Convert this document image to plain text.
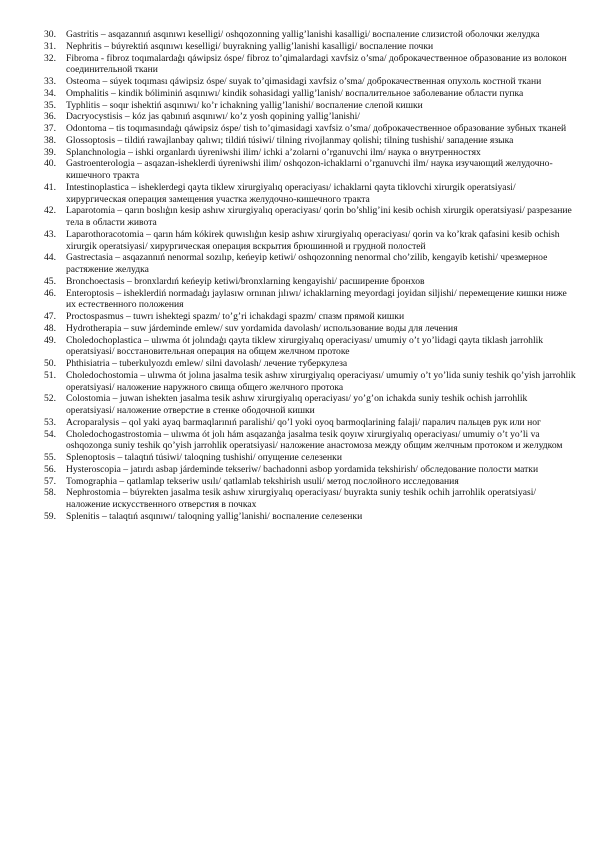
30. Gastritis – asqazannıń asqınıwı keselligi/ oshqozonning yallig’lanishi kasalligi/ воспаление слизистой оболочки желудка
31. Nephritis – búyrektiń asqınıwı keselligi/ buyrakning yallig’lanishi kasalligi/ воспаление почки
32. Fibroma - fibroz toqımalardaģı qáwipsiz óspe/ fibroz to’qimalardagi xavfsiz o’sma/ доброкачественное образование из волокон соединительной ткани
33. Osteoma – súyek toqıması qáwipsiz óspe/ suyak to’qimasidagi xavfsiz o’sma/ доброкачественная опухоль костной ткани
34. Omphalitis – kindik bóliminiń asqınıwı/ kindik sohasidagi yallig’lanish/ воспалительное заболевание области пупка
35. Typhlitis – soqır ishektiń asqınıwı/ ko’r ichakning yallig’lanishi/ воспаление слепой кишки
36. Dacryocystisis – kóz jas qabınıń asqınıwı/ ko’z yosh qopining yallig’lanishi/
37. Odontoma – tis toqımasındaģı qáwipsiz óspe/ tish to’qimasidagi xavfsiz o’sma/ доброкачественное образование зубных тканей
38. Glossoptosis – tildiń rawajlanbay qalıwı; tildiń túsiwi/ tilning rivojlanmay qolishi; tilning tushishi/ западение языка
39. Splanchnologia – ishki organlardı úyreniwshi ilim/ ichki a’zolarni o’rganuvchi ilm/ наука о внутренностях
40. Gastroenterologia – asqazan-isheklerdi úyreniwshi ilim/ oshqozon-ichaklarni o’rganuvchi ilm/ наука изучающий желудочно-кишечного тракта
41. Intestinoplastica – isheklerdegi qayta tiklew xirurgiyalıq operaciyası/ ichaklarni qayta tiklovchi xirurgik operatsiyasi/ хирургическая операция замещения участка желудочно-кишечного тракта
42. Laparotomia – qarın boslıģın kesip ashıw xirurgiyalıq operaciyası/ qorin bo’shlig’ini kesib ochish xirurgik operatsiyasi/ разрезание тела в области живота
43. Laparothoracotomia – qarın hám kókirek quwıslıģın kesip ashıw xirurgiyalıq operaciyası/ qorin va ko’krak qafasini kesib ochish xirurgik operatsiyasi/ хирургическая операция вскрытия брюшинной и грудной полостей
44. Gastrectasia – asqazannıń nenormal sozılıp, keńeyip ketiwi/ oshqozonning nenormal cho’zilib, kengayib ketishi/ чрезмерное растяжение желудка
45. Bronchoectasis – bronxlardıń keńeyip ketiwi/bronxlarning kengayishi/ расширение бронхов
46. Enteroptosis – isheklerdiń normadaģı jaylasıw ornınan jılıwı/ ichaklarning meyordagi joyidan siljishi/ перемещение кишки ниже их естественного положения
47. Proctospasmus – tuwrı ishektegi spazm/ to’g’ri ichakdagi spazm/ спазм прямой кишки
48. Hydrotherapia – suw járdeminde emlew/ suv yordamida davolash/ использование воды для лечения
49. Choledochoplastica – ulıwma ót jolındaģı qayta tiklew xirurgiyalıq operaciyası/ umumiy o’t yo’lidagi qayta tiklash jarrohlik operatsiyasi/ восстановительная операция на общем желчном протоке
50. Phthisiatria – tuberkulyozdı emlew/ silni davolash/ лечение туберкулеза
51. Choledochostomia – ulıwma ót jolına jasalma tesik ashıw xirurgiyalıq operaciyası/ umumiy o’t yo’lida suniy teshik qo’yish jarrohlik operatsiyasi/ наложение наружного свища общего желчного протока
52. Colostomia – juwan ishekten jasalma tesik ashıw xirurgiyalıq operaciyası/ yo’g’on ichakda suniy teshik ochish jarrohlik operatsiyasi/ наложение отверстие в стенке ободочной кишки
53. Acroparalysis – qol yaki ayaq barmaqlarınıń paralishi/ qo’l yoki oyoq barmoqlarining falaji/ паралич пальцев рук или ног
54. Choledochogastrostomia – ulıwma ót jolı hám asqazanģa jasalma tesik qoyıw xirurgiyalıq operaciyası/ umumiy o’t yo’li va oshqozonga suniy teshik qo’yish jarrohlik operatsiyasi/ наложение анастомоза между общим желчным протоком и желудком
55. Splenoptosis – talaqtıń túsiwi/ taloqning tushishi/ опущение селезенки
56. Hysteroscopia – jatırdı asbap járdeminde tekseriw/ bachadonni asbop yordamida tekshirish/ обследование полости матки
57. Tomographia – qatlamlap tekseriw usılı/ qatlamlab tekshirish usuli/ метод послойного исследования
58. Nephrostomia – búyrekten jasalma tesik ashıw xirurgiyalıq operaciyası/ buyrakta suniy teshik ochih jarrohlik operatsiyasi/ наложение искусственного отверстия в почках
59. Splenitis – talaqtıń asqınıwı/ taloqning yallig’lanishi/ воспаление селезенки
